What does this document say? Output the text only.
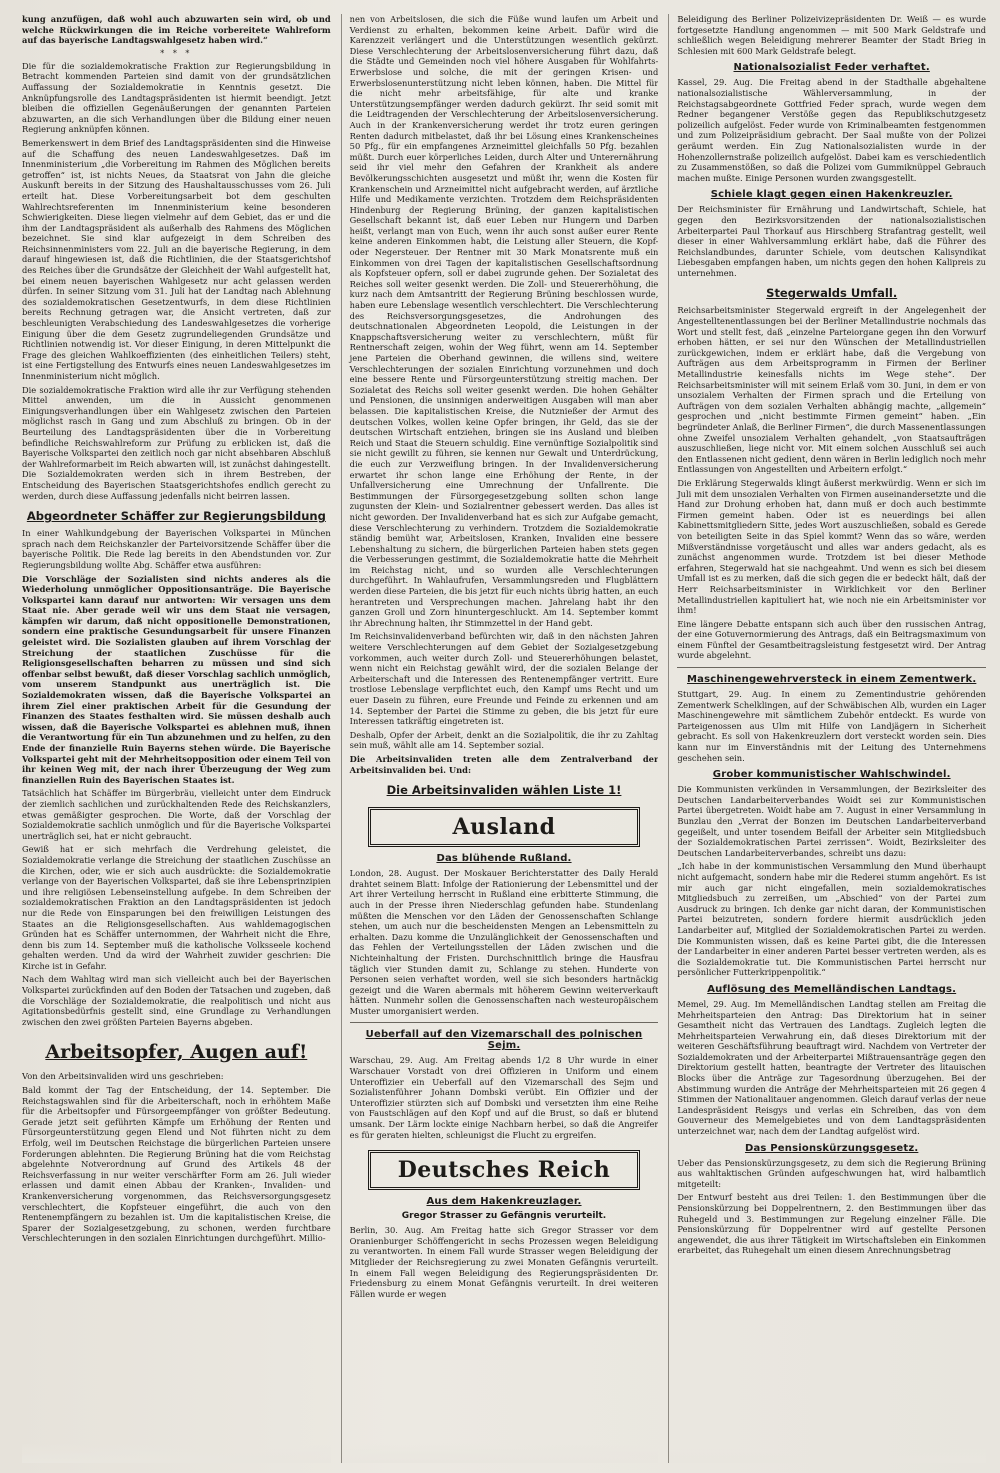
kung anzufügen, daß wohl auch abzuwarten sein wird, ob und welche Rückwirkungen die im Reiche vorbereitete Wahlreform auf das bayerische Landtagswahlgesetz haben wird.“

* * *

Die für die sozialdemokratische Fraktion zur Regierungsbildung in Betracht kommenden Parteien sind damit von der grundsätzlichen Auffassung der Sozialdemokratie in Kenntnis gesetzt. Die Anknüpfungsrolle des Landtagspräsidenten ist hiermit beendigt. Jetzt bleiben die offiziellen Gegenäußerungen der genannten Parteien abzuwarten, an die sich Verhandlungen über die Bildung einer neuen Regierung anknüpfen können.

Bemerkenswert in dem Brief des Landtagspräsidenten sind die Hinweise auf die Schaffung des neuen Landeswahlgesetzes. Daß im Innenministerium „die Vorbereitung im Rahmen des Möglichen bereits getroffen“ ist, ist nichts Neues, da Staatsrat von Jahn die gleiche Auskunft bereits in der Sitzung des Haushaltausschusses vom 26. Juli erteilt hat. Diese Vorbereitungsarbeit bot dem geschulten Wahlrechtsreferenten im Innenministerium keine besonderen Schwierigkeiten. Diese liegen vielmehr auf dem Gebiet, das er und die ihm der Landtagspräsident als außerhalb des Rahmens des Möglichen bezeichnet. Sie sind klar aufgezeigt in dem Schreiben des Reichsinnenministers vom 22. Juli an die bayerische Regierung, in dem darauf hingewiesen ist, daß die Richtlinien, die der Staatsgerichtshof des Reiches über die Grundsätze der Gleichheit der Wahl aufgestellt hat, bei einem neuen bayerischen Wahlgesetz nur acht gelassen werden dürfen. In seiner Sitzung vom 31. Juli hat der Landtag nach Ablehnung des sozialdemokratischen Gesetzentwurfs, in dem diese Richtlinien bereits Rechnung getragen war, die Ansicht vertreten, daß zur beschleunigten Verabschiedung des Landeswahlgesetzes die vorherige Einigung über die dem Gesetz zugrundeliegenden Grundsätze und Richtlinien notwendig ist. Vor dieser Einigung, in deren Mittelpunkt die Frage des gleichen Wahlkoeffizienten (des einheitlichen Teilers) steht, ist eine Fertigstellung des Entwurfs eines neuen Landeswahlgesetzes im Innenministerium nicht möglich.

Die sozialdemokratische Fraktion wird alle ihr zur Verfügung stehenden Mittel anwenden, um die in Aussicht genommenen Einigungsverhandlungen über ein Wahlgesetz zwischen den Parteien möglichst rasch in Gang und zum Abschluß zu bringen. Ob in der Beurteilung des Landtagspräsidenten über die in Vorbereitung befindliche Reichswahlreform zur Prüfung zu erblicken ist, daß die Bayerische Volkspartei den zeitlich noch gar nicht absehbaren Abschluß der Wahlreformarbeit im Reich abwarten will, ist zunächst dahingestellt. Die Sozialdemokraten werden sich in ihrem Bestreben, der Entscheidung des Bayerischen Staatsgerichtshofes endlich gerecht zu werden, durch diese Auffassung jedenfalls nicht beirren lassen.

Abgeordneter Schäffer zur Regierungsbildung

In einer Wahlkundgebung der Bayerischen Volkspartei in München sprach nach dem Reichskanzler der Parteivorsitzende Schäffer über die bayerische Politik. Die Rede lag bereits in den Abendstunden vor. Zur Regierungsbildung wollte Abg. Schäffer etwa ausführen:

Die Vorschläge der Sozialisten sind nichts anderes als die Wiederholung unmöglicher Oppositionsanträge. Die Bayerische Volkspartei kann darauf nur antworten: Wir versagen uns dem Staat nie. Aber gerade weil wir uns dem Staat nie versagen, kämpfen wir darum, daß nicht oppositionelle Demonstrationen, sondern eine praktische Gesundungsarbeit für unsere Finanzen geleistet wird. Die Sozialisten glauben auf ihrem Vorschlag der Streichung der staatlichen Zuschüsse für die Religionsgesellschaften beharren zu müssen und sind sich offenbar selbst bewußt, daß dieser Vorschlag sachlich unmöglich, vom unserem Standpunkt aus unerträglich ist. Die Sozialdemokraten wissen, daß die Bayerische Volkspartei an ihrem Ziel einer praktischen Arbeit für die Gesundung der Finanzen des Staates festhalten wird. Sie müssen deshalb auch wissen, daß die Bayerische Volkspartei es ablehnen muß, ihnen die Verantwortung für ein Tun abzunehmen und zu helfen, zu den Ende der finanzielle Ruin Bayerns stehen würde. Die Bayerische Volkspartei geht mit der Mehrheitsopposition oder einem Teil von ihr keinen Weg mit, der nach ihrer Überzeugung der Weg zum finanziellen Ruin des Bayerischen Staates ist.

Tatsächlich hat Schäffer im Bürgerbräu, vielleicht unter dem Eindruck der ziemlich sachlichen und zurückhaltenden Rede des Reichskanzlers, etwas gemäßigter gesprochen. Die Worte, daß der Vorschlag der Sozialdemokratie sachlich unmöglich und für die Bayerische Volkspartei unerträglich sei, hat er nicht gebraucht.

Gewiß hat er sich mehrfach die Verdrehung geleistet, die Sozialdemokratie verlange die Streichung der staatlichen Zuschüsse an die Kirchen, oder, wie er sich auch ausdrückte: die Sozialdemokratie verlange von der Bayerischen Volkspartei, daß sie ihre Lebensprinzipien und ihre religiösen Lebenseinstellung aufgebe. In dem Schreiben der sozialdemokratischen Fraktion an den Landtagspräsidenten ist jedoch nur die Rede von Einsparungen bei den freiwilligen Leistungen des Staates an die Religionsgesellschaften. Aus wahldemagogischen Gründen hat es Schäffer unternommen, der Wahrheit nicht die Ehre, denn bis zum 14. September muß die katholische Volksseele kochend gehalten werden. Und da wird der Wahrheit zuwider geschrien: Die Kirche ist in Gefahr.

Nach dem Wahltag wird man sich vielleicht auch bei der Bayerischen Volkspartei zurückfinden auf den Boden der Tatsachen und zugeben, daß die Vorschläge der Sozialdemokratie, die realpolitisch und nicht aus Agitationsbedürfnis gestellt sind, eine Grundlage zu Verhandlungen zwischen den zwei größten Parteien Bayerns abgeben.

Arbeitsopfer, Augen auf!

Von den Arbeitsinvaliden wird uns geschrieben:

Bald kommt der Tag der Entscheidung, der 14. September. Die Reichstagswahlen sind für die Arbeiterschaft, noch in erhöhtem Maße für die Arbeitsopfer und Fürsorgeempfänger von größter Bedeutung. Gerade jetzt seit geführten Kämpfe um Erhöhung der Renten und Fürsorgeunterstützung gegen Elend und Not führten nicht zu dem Erfolg, weil im Deutschen Reichstage die bürgerlichen Parteien unsere Forderungen ablehnten. Die Regierung Brüning hat die vom Reichstag abgelehnte Notverordnung auf Grund des Artikels 48 der Reichsverfassung in nur weiter verschärfter Form am 26. Juli wieder erlassen und damit einen Abbau der Kranken-, Invaliden- und Krankenversicherung vorgenommen, das Reichsversorgungsgesetz verschlechtert, die Kopfsteuer eingeführt, die auch von den Rentenempfängern zu bezahlen ist. Um die kapitalistischen Kreise, die Sparer der Sozialgesetzgebung, zu schonen, werden furchtbare Verschlechterungen in den sozialen Einrichtungen durchgeführt. Millio-

nen von Arbeitslosen, die sich die Füße wund laufen um Arbeit und Verdienst zu erhalten, bekommen keine Arbeit. Dafür wird die Karenzzeit verlängert und die Unterstützungen wesentlich gekürzt. Diese Verschlechterung der Arbeitslosenversicherung führt dazu, daß die Städte und Gemeinden noch viel höhere Ausgaben für Wohlfahrts-Erwerbslose und solche, die mit der geringen Krisen- und Erwerbslosenunterstützung nicht leben können, haben. Die Mittel für die nicht mehr arbeitsfähige, für alte und kranke Unterstützungsempfänger werden dadurch gekürzt. Ihr seid somit mit die Leidtragenden der Verschlechterung der Arbeitslosenversicherung. Auch in der Krankenversicherung werdet ihr trotz euren geringen Renten dadurch mitbelastet, daß ihr bei Lösung eines Krankenscheines 50 Pfg., für ein empfangenes Arzneimittel gleichfalls 50 Pfg. bezahlen müßt. Durch euer körperliches Leiden, durch Alter und Unterernährung seid ihr viel mehr den Gefahren der Krankheit als andere Bevölkerungsschichten ausgesetzt und müßt ihr, wenn die Kosten für Krankenschein und Arzneimittel nicht aufgebracht werden, auf ärztliche Hilfe und Medikamente verzichten. Trotzdem dem Reichspräsidenten Hindenburg der Regierung Brüning, der ganzen kapitalistischen Gesellschaft bekannt ist, daß euer Leben nur Hungern und Darben heißt, verlangt man von Euch, wenn ihr auch sonst außer eurer Rente keine anderen Einkommen habt, die Leistung aller Steuern, die Kopf- oder Negersteuer. Der Rentner mit 30 Mark Monatsrente muß ein Einkommen von drei Tagen der kapitalistischen Gesellschaftsordnung als Kopfsteuer opfern, soll er dabei zugrunde gehen. Der Sozialetat des Reiches soll weiter gesenkt werden. Die Zoll- und Steuererhöhung, die kurz nach dem Amtsantritt der Regierung Brüning beschlossen wurde, haben eure Lebenslage wesentlich verschlechtert. Die Verschlechterung des Reichsversorgungsgesetzes, die Androhungen des deutschnationalen Abgeordneten Leopold, die Leistungen in der Knappschaftsversicherung weiter zu verschlechtern, müßt für Rentnerschaft zeigen, wohin der Weg führt, wenn am 14. September jene Parteien die Oberhand gewinnen, die willens sind, weitere Verschlechterungen der sozialen Einrichtung vorzunehmen und doch eine bessere Rente und Fürsorgeunterstützung streitig machen. Der Sozialetat des Reichs soll weiter gesenkt werden. Die hohen Gehälter und Pensionen, die unsinnigen anderweitigen Ausgaben will man aber belassen. Die kapitalistischen Kreise, die Nutznießer der Armut des deutschen Volkes, wollen keine Opfer bringen, ihr Geld, das sie der deutschen Wirtschaft entziehen, bringen sie ins Ausland und bleiben Reich und Staat die Steuern schuldig. Eine vernünftige Sozialpolitik sind sie nicht gewillt zu führen, sie kennen nur Gewalt und Unterdrückung, die euch zur Verzweiflung bringen. In der Invalidenversicherung erwartet ihr schon lange eine Erhöhung der Rente, in der Unfallversicherung eine Umrechnung der Unfallrente. Die Bestimmungen der Fürsorgegesetzgebung sollten schon lange zugunsten der Klein- und Sozialrentner gebessert werden. Das alles ist nicht geworden. Der Invalidenverband hat es sich zur Aufgabe gemacht, diese Verschlechterung zu verhindern. Trotzdem die Sozialdemokratie ständig bemüht war, Arbeitslosen, Kranken, Invaliden eine bessere Lebenshaltung zu sichern, die bürgerlichen Parteien haben stets gegen die Verbesserungen gestimmt, die Sozialdemokratie hatte die Mehrheit im Reichstag nicht, und so wurden alle Verschlechterungen durchgeführt. In Wahlaufrufen, Versammlungsreden und Flugblättern werden diese Parteien, die bis jetzt für euch nichts übrig hatten, an euch herantreten und Versprechungen machen. Jahrelang habt ihr den ganzen Groll und Zorn hinuntergeschluckt. Am 14. September kommt ihr Abrechnung halten, ihr Stimmzettel in der Hand gebt.

Im Reichsinvalidenverband befürchten wir, daß in den nächsten Jahren weitere Verschlechterungen auf dem Gebiet der Sozialgesetzgebung vorkommen, auch weiter durch Zoll- und Steuererhöhungen belastet, wenn nicht ein Reichstag gewählt wird, der die sozialen Belange der Arbeiterschaft und die Interessen des Rentenempfänger vertritt. Eure trostlose Lebenslage verpflichtet euch, den Kampf ums Recht und um euer Dasein zu führen, eure Freunde und Feinde zu erkennen und am 14. September der Partei die Stimme zu geben, die bis jetzt für eure Interessen tatkräftig eingetreten ist.

Deshalb, Opfer der Arbeit, denkt an die Sozialpolitik, die ihr zu Zahltag sein muß, wählt alle am 14. September sozial.

Die Arbeitsinvaliden treten alle dem Zentralverband der Arbeitsinvaliden bei. Und:

Die Arbeitsinvaliden wählen Liste 1!
Ausland
Das blühende Rußland.

London, 28. August. Der Moskauer Berichterstatter des Daily Herald drahtet seinem Blatt: Infolge der Rationierung der Lebensmittel und der Art ihrer Verteilung herrscht in Rußland eine erbitterte Stimmung, die auch in der Presse ihren Niederschlag gefunden habe. Stundenlang müßten die Menschen vor den Läden der Genossenschaften Schlange stehen, um auch nur die bescheidensten Mengen an Lebensmitteln zu erhalten. Dazu komme die Unzulänglichkeit der Genossenschaften und das Fehlen der Verteilungsstellen der Läden zwischen und die Nichteinhaltung der Fristen. Durchschnittlich bringe die Hausfrau täglich vier Stunden damit zu, Schlange zu stehen. Hunderte von Personen seien verhaftet worden, weil sie sich besonders hartnäckig gezeigt und die Waren abermals mit höherem Gewinn weiterverkauft hätten. Nunmehr sollen die Genossenschaften nach westeuropäischem Muster umorganisiert werden.

Ueberfall auf den Vizemarschall des polnischen Sejm.

Warschau, 29. Aug. Am Freitag abends 1/2 8 Uhr wurde in einer Warschauer Vorstadt von drei Offizieren in Uniform und einem Unteroffizier ein Ueberfall auf den Vizemarschall des Sejm und Sozialistenführer Johann Dombski verübt. Ein Offizier und der Unteroffizier stürzten sich auf Dombski und versetzten ihm eine Reihe von Faustschlägen auf den Kopf und auf die Brust, so daß er blutend umsank. Der Lärm lockte einige Nachbarn herbei, so daß die Angreifer es für geraten hielten, schleunigst die Flucht zu ergreifen.

Deutsches Reich
Aus dem Hakenkreuzlager.
Gregor Strasser zu Gefängnis verurteilt.

Berlin, 30. Aug. Am Freitag hatte sich Gregor Strasser vor dem Oranienburger Schöffengericht in sechs Prozessen wegen Beleidigung zu verantworten. In einem Fall wurde Strasser wegen Beleidigung der Mitglieder der Reichsregierung zu zwei Monaten Gefängnis verurteilt. In einem Fall wegen Beleidigung des Regierungspräsidenten Dr. Friedensburg zu einem Monat Gefängnis verurteilt. In drei weiteren Fällen wurde er wegen

Beleidigung des Berliner Polizeivizepräsidenten Dr. Weiß — es wurde fortgesetzte Handlung angenommen — mit 500 Mark Geldstrafe und schließlich wegen Beleidigung mehrerer Beamter der Stadt Brieg in Schlesien mit 600 Mark Geldstrafe belegt.

Nationalsozialist Feder verhaftet.

Kassel, 29. Aug. Die Freitag abend in der Stadthalle abgehaltene nationalsozialistische Wählerversammlung, in der Reichstagsabgeordnete Gottfried Feder sprach, wurde wegen dem Redner begangener Verstöße gegen das Republikschutzgesetz polizeilich aufgelöst. Feder wurde von Kriminalbeamten festgenommen und zum Polizeipräsidium gebracht. Der Saal mußte von der Polizei geräumt werden. Ein Zug Nationalsozialisten wurde in der Hohenzollernstraße polizeilich aufgelöst. Dabei kam es verschiedentlich zu Zusammenstößen, so daß die Polizei vom Gummiknüppel Gebrauch machen mußte. Einige Personen wurden zwangsgestellt.

Schiele klagt gegen einen Hakenkreuzler.

Der Reichsminister für Ernährung und Landwirtschaft, Schiele, hat gegen den Bezirksvorsitzenden der nationalsozialistischen Arbeiterpartei Paul Thorkauf aus Hirschberg Strafantrag gestellt, weil dieser in einer Wahlversammlung erklärt habe, daß die Führer des Reichslandbundes, darunter Schiele, vom deutschen Kalisyndikat Liebesgaben empfangen haben, um nichts gegen den hohen Kalipreis zu unternehmen.

Stegerwalds Umfall.

Reichsarbeitsminister Stegerwald ergreift in der Angelegenheit der Angestelltenentlassungen bei der Berliner Metallindustrie nochmals das Wort und stellt fest, daß „einzelne Parteiorgane gegen ihn den Vorwurf erhoben hätten, er sei nur den Wünschen der Metallindustriellen zurückgewichen, indem er erklärt habe, daß die Vergebung von Aufträgen aus dem Arbeitsprogramm in Firmen der Berliner Metallindustrie keinesfalls nichts im Wege stehe“. Der Reichsarbeitsminister will mit seinem Erlaß vom 30. Juni, in dem er von unsozialem Verhalten der Firmen sprach und die Erteilung von Aufträgen von dem sozialen Verhalten abhängig machte, „allgemein“ gesprochen und „nicht bestimmte Firmen gemeint“ haben. „Ein begründeter Anlaß, die Berliner Firmen“, die durch Massenentlassungen ohne Zweifel unsozialem Verhalten gehandelt, „von Staatsaufträgen auszuschließen, liege nicht vor. Mit einem solchen Ausschluß sei auch den Entlassenen nicht gedient, denn wären in Berlin lediglich noch mehr Entlassungen von Angestellten und Arbeitern erfolgt.“

Die Erklärung Stegerwalds klingt äußerst merkwürdig. Wenn er sich im Juli mit dem unsozialen Verhalten von Firmen auseinandersetzte und die Hand zur Drohung erhoben hat, dann muß er doch auch bestimmte Firmen gemeint haben. Oder ist es neuerdings bei allen Kabinettsmitgliedern Sitte, jedes Wort auszuschließen, sobald es Gerede von beteiligten Seite in das Spiel kommt? Wenn das so wäre, werden Mißverständnisse vorgetäuscht und alles war anders gedacht, als es zunächst angenommen wurde. Trotzdem ist bei dieser Methode erfahren, Stegerwald hat sie nachgeahmt. Und wenn es sich bei diesem Umfall ist es zu merken, daß die sich gegen die er bedeckt hält, daß der Herr Reichsarbeitsminister in Wirklichkeit vor den Berliner Metallindustriellen kapituliert hat, wie noch nie ein Arbeitsminister vor ihm!

Eine längere Debatte entspann sich auch über den russischen Antrag, der eine Gotuvernormierung des Antrags, daß ein Beitragsmaximum von einem Fünftel der Gesamtbeitragsleistung festgesetzt wird. Der Antrag wurde abgelehnt.

Maschinengewehrversteck in einem Zementwerk.

Stuttgart, 29. Aug. In einem zu Zementindustrie gehörenden Zementwerk Schelklingen, auf der Schwäbischen Alb, wurden ein Lager Maschinengewehre mit sämtlichem Zubehör entdeckt. Es wurde von Parteigenossen aus Ulm mit Hilfe von Landjägern in Sicherheit gebracht. Es soll von Hakenkreuzlern dort versteckt worden sein. Dies kann nur im Einverständnis mit der Leitung des Unternehmens geschehen sein.

Grober kommunistischer Wahlschwindel.

Die Kommunisten verkünden in Versammlungen, der Bezirksleiter des Deutschen Landarbeiterverbandes Woidt sei zur Kommunistischen Partei übergetreten. Woidt habe am 7. August in einer Versammlung in Bunzlau den „Verrat der Bonzen im Deutschen Landarbeiterverband gegeißelt, und unter tosendem Beifall der Arbeiter sein Mitgliedsbuch der Sozialdemokratischen Partei zerrissen“. Woidt, Bezirksleiter des Deutschen Landarbeiterverbandes, schreibt uns dazu:

„Ich habe in der kommunistischen Versammlung den Mund überhaupt nicht aufgemacht, sondern habe mir die Rederei stumm angehört. Es ist mir auch gar nicht eingefallen, mein sozialdemokratisches Mitgliedsbuch zu zerreißen, um „Abschied“ von der Partei zum Ausdruck zu bringen. Ich denke gar nicht daran, der Kommunistischen Partei beizutreten, sondern fordere hiermit ausdrücklich jeden Landarbeiter auf, Mitglied der Sozialdemokratischen Partei zu werden. Die Kommunisten wissen, daß es keine Partei gibt, die die Interessen der Landarbeiter in einer anderen Partei besser vertreten werden, als es die Sozialdemokratie tut. Die Kommunistischen Partei herrscht nur persönlicher Futterkrippenpolitik.“

Auflösung des Memelländischen Landtags.

Memel, 29. Aug. Im Memelländischen Landtag stellen am Freitag die Mehrheitsparteien den Antrag: Das Direktorium hat in seiner Gesamtheit nicht das Vertrauen des Landtags. Zugleich legten die Mehrheitsparteien Verwahrung ein, daß dieses Direktorium mit der weiteren Geschäftsführung beauftragt wird. Nachdem von Vertreter der Sozialdemokraten und der Arbeiterpartei Mißtrauensanträge gegen den Direktorium gestellt hatten, beantragte der Vertreter des litauischen Blocks über die Anträge zur Tagesordnung überzugehen. Bei der Abstimmung wurden die Anträge der Mehrheitsparteien mit 26 gegen 4 Stimmen der Nationalitauer angenommen. Gleich darauf verlas der neue Landespräsident Reisgys und verlas ein Schreiben, das von dem Gouverneur des Memelgebietes und von dem Landtagspräsidenten unterzeichnet war, nach dem der Landtag aufgelöst wird.

Das Pensionskürzungsgesetz.

Ueber das Pensionskürzungsgesetz, zu dem sich die Regierung Brüning aus wahltaktischen Gründen aufgeschwungen hat, wird halbamtlich mitgeteilt:

Der Entwurf besteht aus drei Teilen: 1. den Bestimmungen über die Pensionskürzung bei Doppelrentnern, 2. den Bestimmungen über das Ruhegeld und 3. Bestimmungen zur Regelung einzelner Fälle. Die Pensionskürzung für Doppelrentner wird auf gestellte Personen angewendet, die aus ihrer Tätigkeit im Wirtschaftsleben ein Einkommen erarbeitet, das Ruhegehalt um einen diesem Anrechnungsbetrag
